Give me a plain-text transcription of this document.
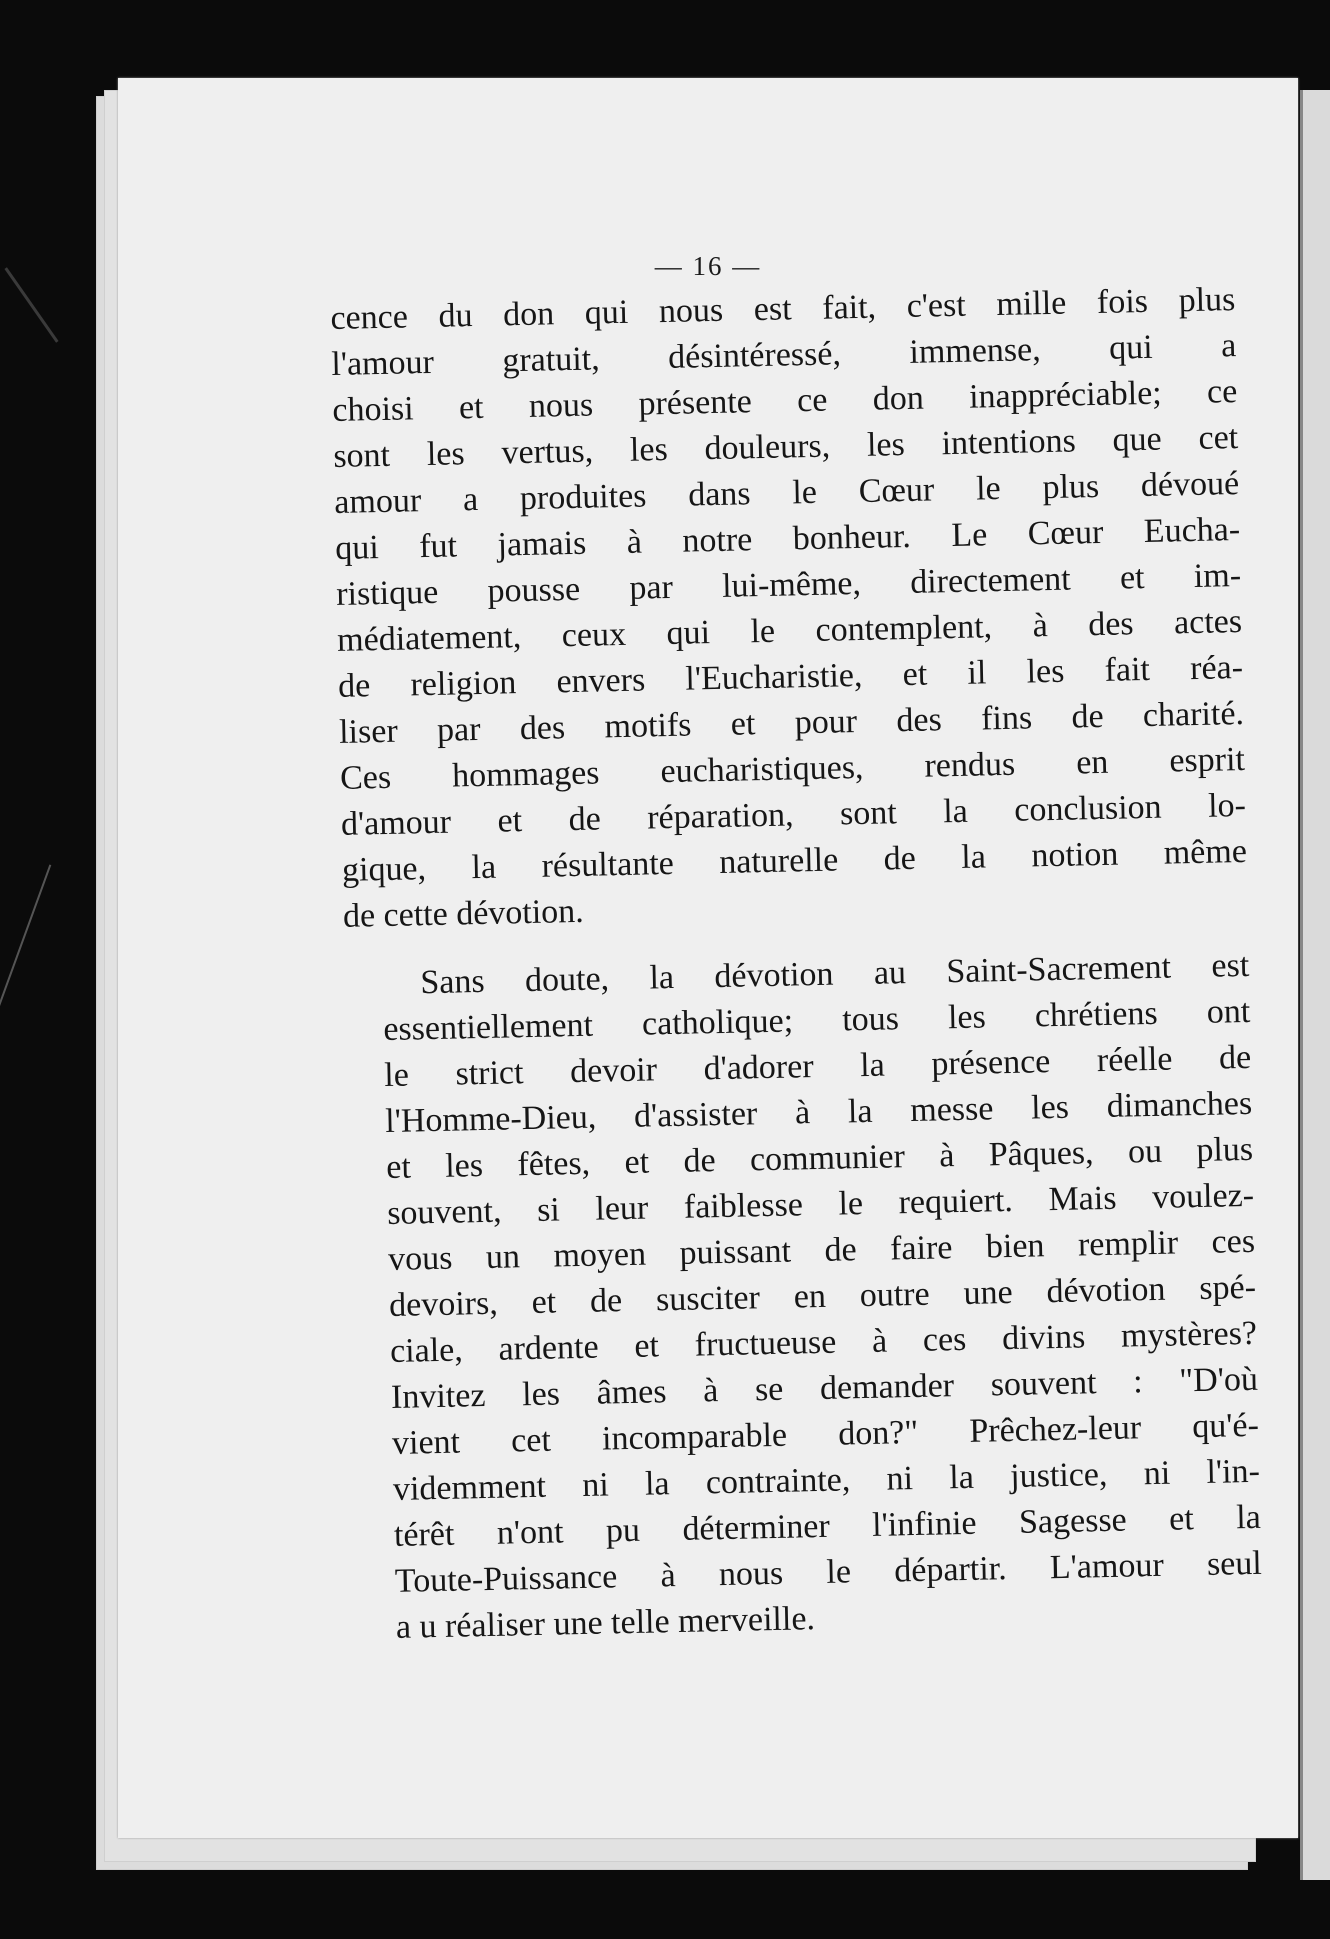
— 16 —

cence du don qui nous est fait, c'est mille fois plus
l'amour gratuit, désintéressé, immense, qui a
choisi et nous présente ce don inappréciable; ce
sont les vertus, les douleurs, les intentions que cet
amour a produites dans le Cœur le plus dévoué
qui fut jamais à notre bonheur. Le Cœur Eucha-
ristique pousse par lui-même, directement et im-
médiatement, ceux qui le contemplent, à des actes
de religion envers l'Eucharistie, et il les fait réa-
liser par des motifs et pour des fins de charité.
Ces hommages eucharistiques, rendus en esprit
d'amour et de réparation, sont la conclusion lo-
gique, la résultante naturelle de la notion même
de cette dévotion.

Sans doute, la dévotion au Saint-Sacrement est
essentiellement catholique; tous les chrétiens ont
le strict devoir d'adorer la présence réelle de
l'Homme-Dieu, d'assister à la messe les dimanches
et les fêtes, et de communier à Pâques, ou plus
souvent, si leur faiblesse le requiert. Mais voulez-
vous un moyen puissant de faire bien remplir ces
devoirs, et de susciter en outre une dévotion spé-
ciale, ardente et fructueuse à ces divins mystères?
Invitez les âmes à se demander souvent : "D'où
vient cet incomparable don?" Prêchez-leur qu'é-
videmment ni la contrainte, ni la justice, ni l'in-
térêt n'ont pu déterminer l'infinie Sagesse et la
Toute-Puissance à nous le départir. L'amour seul
a u réaliser une telle merveille.
